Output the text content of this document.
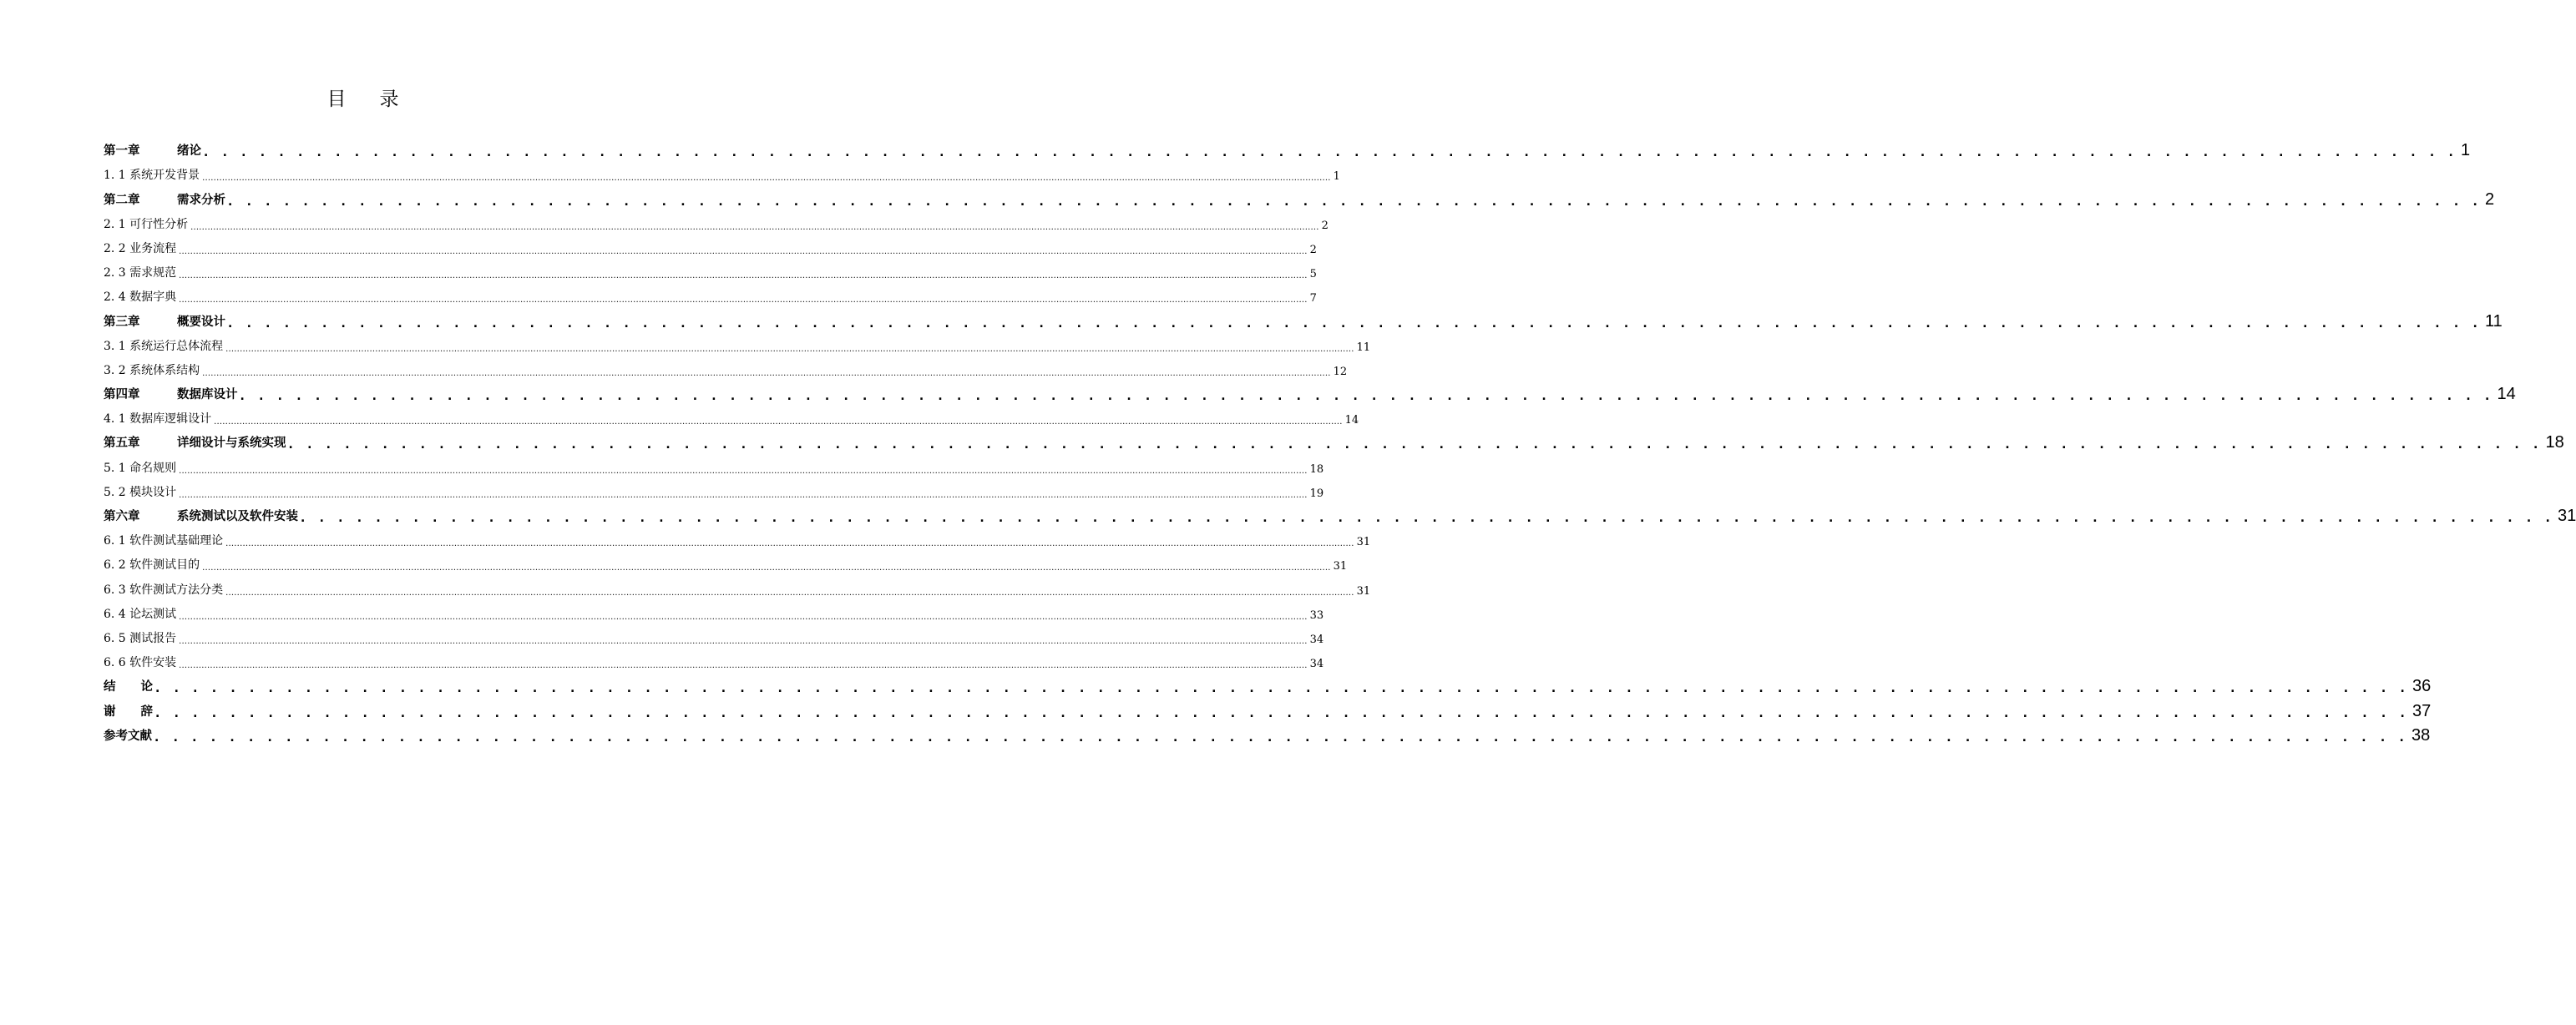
目 录
第一章	绪论 . . . . . . . . . . . . . . . . . . . . . . . . . . . . . . . . . . . . . . . . . . . . . . . . . . . . . . . . . . . . . . . . . . . . . . . . . . . . . . . . . . . . . . . . . . . . . . . . . . . . . . . . . . . . . . . . . . . . . . . . 1
1. 1 系统开发背景 ................................................................................................................................................................................................................................................................................................................................................................................................................ 1
第二章	需求分析 . . . . . . . . . . . . . . . . . . . . . . . . . . . . . . . . . . . . . . . . . . . . . . . . . . . . . . . . . . . . . . . . . . . . . . . . . . . . . . . . . . . . . . . . . . . . . . . . . . . . . . . . . . . . . . . . . . . . . . . . 2
2. 1 可行性分析 ................................................................................................................................................................................................................................................................................................................................................................................................................ 2
2. 2 业务流程 ................................................................................................................................................................................................................................................................................................................................................................................................................ 2
2. 3 需求规范 ................................................................................................................................................................................................................................................................................................................................................................................................................ 5
2. 4 数据字典 ................................................................................................................................................................................................................................................................................................................................................................................................................ 7
第三章	概要设计 . . . . . . . . . . . . . . . . . . . . . . . . . . . . . . . . . . . . . . . . . . . . . . . . . . . . . . . . . . . . . . . . . . . . . . . . . . . . . . . . . . . . . . . . . . . . . . . . . . . . . . . . . . . . . . . . . . . . . . . . 11
3. 1 系统运行总体流程 ................................................................................................................................................................................................................................................................................................................................................................................................................ 11
3. 2 系统体系结构 ................................................................................................................................................................................................................................................................................................................................................................................................................ 12
第四章	数据库设计 . . . . . . . . . . . . . . . . . . . . . . . . . . . . . . . . . . . . . . . . . . . . . . . . . . . . . . . . . . . . . . . . . . . . . . . . . . . . . . . . . . . . . . . . . . . . . . . . . . . . . . . . . . . . . . . . . . . . . . . . 14
4. 1 数据库逻辑设计 ................................................................................................................................................................................................................................................................................................................................................................................................................ 14
第五章	详细设计与系统实现 . . . . . . . . . . . . . . . . . . . . . . . . . . . . . . . . . . . . . . . . . . . . . . . . . . . . . . . . . . . . . . . . . . . . . . . . . . . . . . . . . . . . . . . . . . . . . . . . . . . . . . . . . . . . . . . . . . . . . . . . 18
5. 1 命名规则 ................................................................................................................................................................................................................................................................................................................................................................................................................ 18
5. 2 模块设计 ................................................................................................................................................................................................................................................................................................................................................................................................................ 19
第六章	系统测试以及软件安装 . . . . . . . . . . . . . . . . . . . . . . . . . . . . . . . . . . . . . . . . . . . . . . . . . . . . . . . . . . . . . . . . . . . . . . . . . . . . . . . . . . . . . . . . . . . . . . . . . . . . . . . . . . . . . . . . . . . . . . . . 31
6. 1 软件测试基础理论 ................................................................................................................................................................................................................................................................................................................................................................................................................ 31
6. 2 软件测试目的 ................................................................................................................................................................................................................................................................................................................................................................................................................ 31
6. 3 软件测试方法分类 ................................................................................................................................................................................................................................................................................................................................................................................................................ 31
6. 4 论坛测试 ................................................................................................................................................................................................................................................................................................................................................................................................................ 33
6. 5 测试报告 ................................................................................................................................................................................................................................................................................................................................................................................................................ 34
6. 6 软件安装 ................................................................................................................................................................................................................................................................................................................................................................................................................ 34
结 论 . . . . . . . . . . . . . . . . . . . . . . . . . . . . . . . . . . . . . . . . . . . . . . . . . . . . . . . . . . . . . . . . . . . . . . . . . . . . . . . . . . . . . . . . . . . . . . . . . . . . . . . . . . . . . . . . . . . . . . . . 36
谢 辞 . . . . . . . . . . . . . . . . . . . . . . . . . . . . . . . . . . . . . . . . . . . . . . . . . . . . . . . . . . . . . . . . . . . . . . . . . . . . . . . . . . . . . . . . . . . . . . . . . . . . . . . . . . . . . . . . . . . . . . . . 37
参考文献 . . . . . . . . . . . . . . . . . . . . . . . . . . . . . . . . . . . . . . . . . . . . . . . . . . . . . . . . . . . . . . . . . . . . . . . . . . . . . . . . . . . . . . . . . . . . . . . . . . . . . . . . . . . . . . . . . . . . . . . . 38
